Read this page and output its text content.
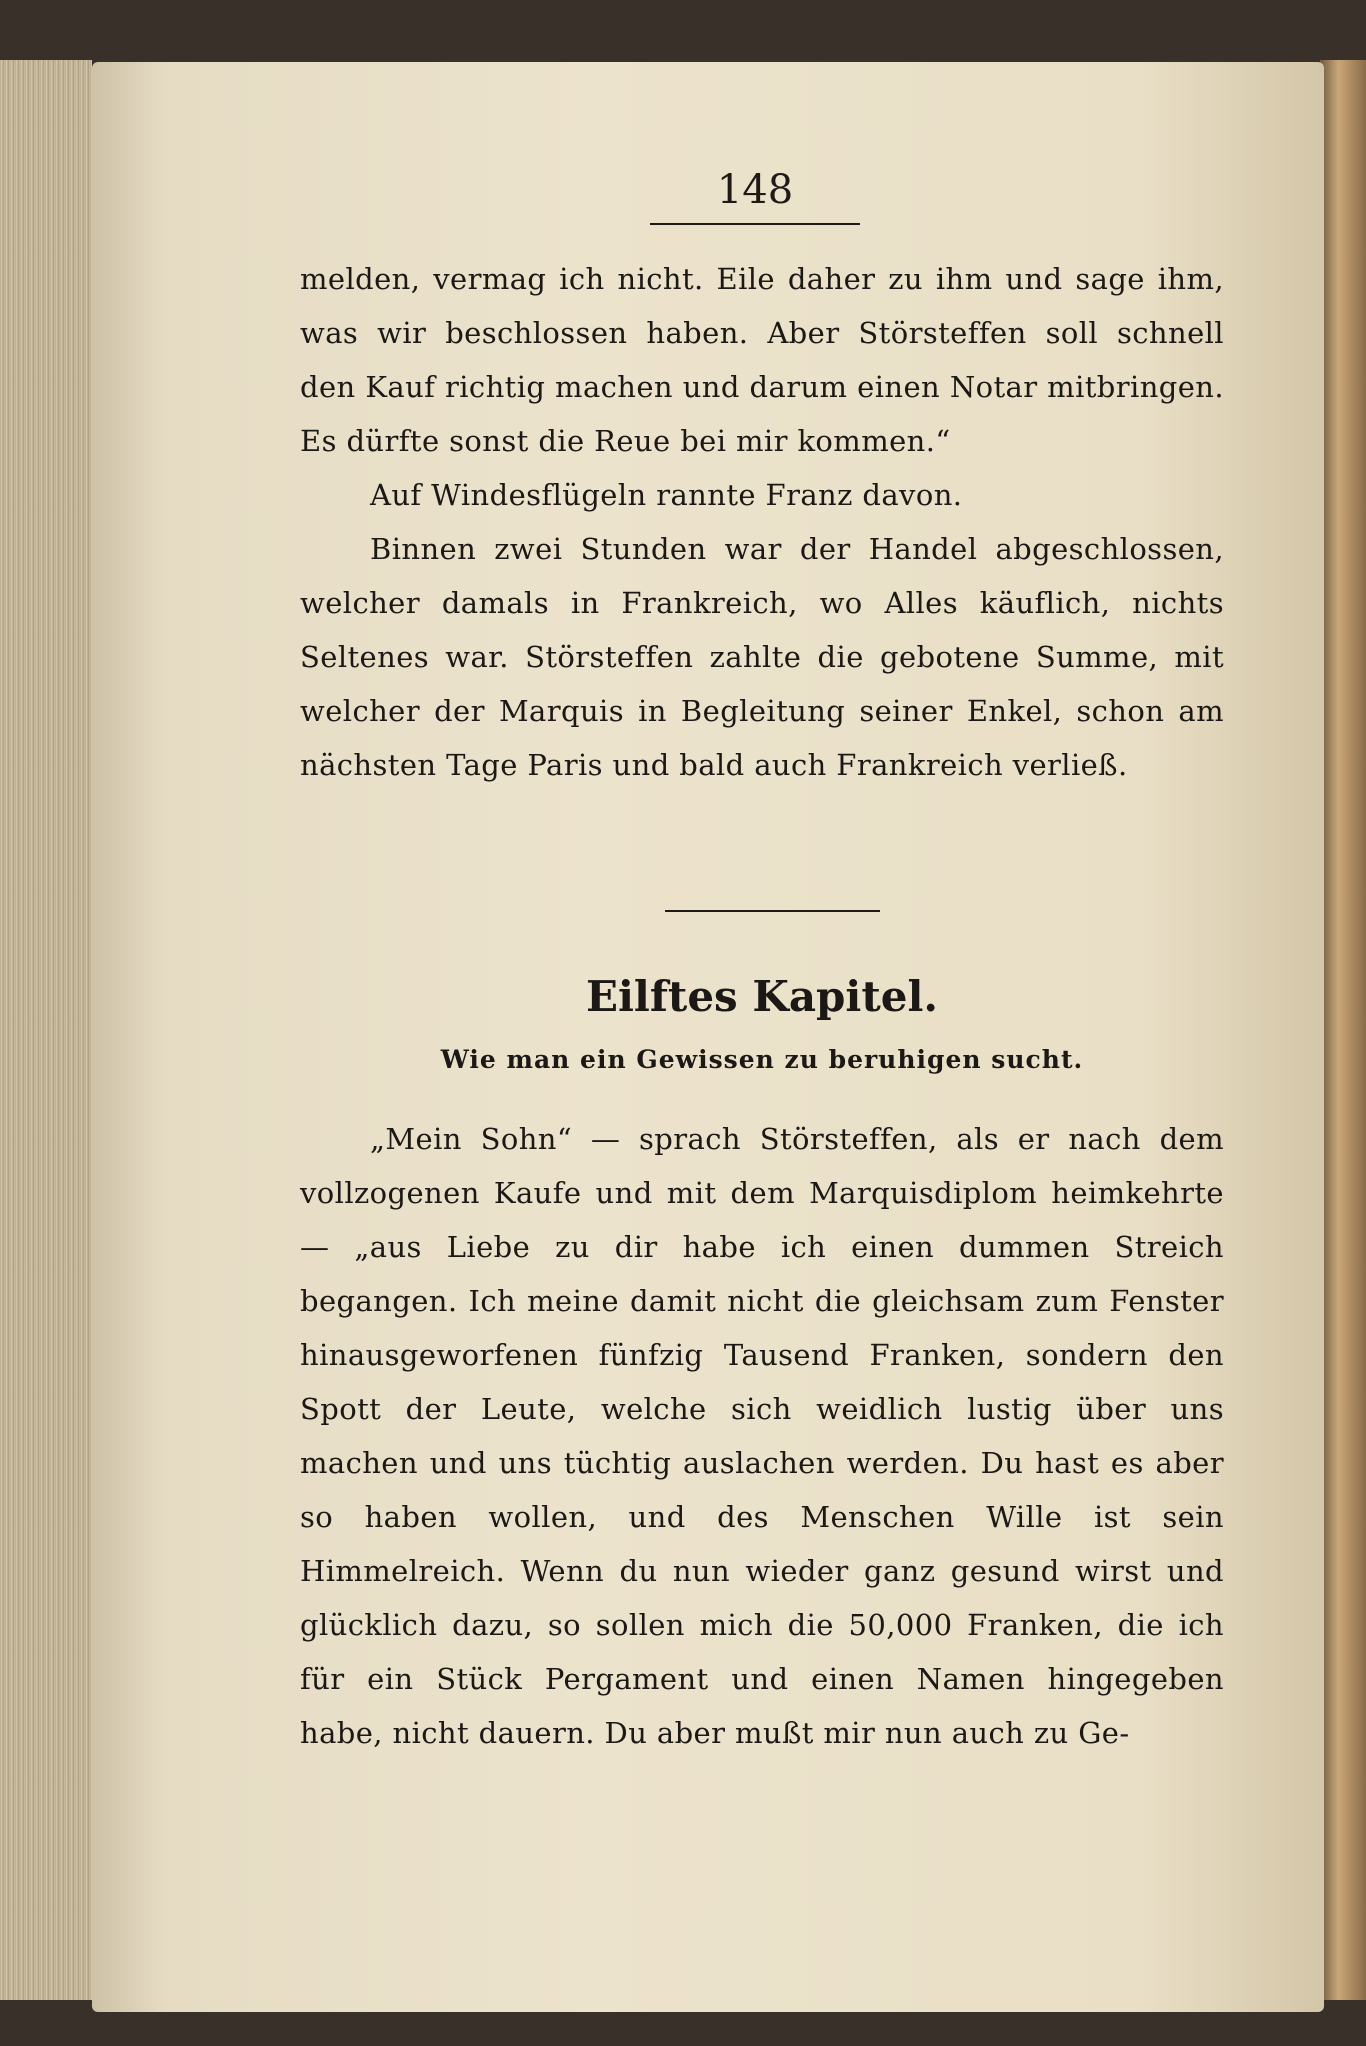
148

melden, vermag ich nicht. Eile daher zu ihm und sage ihm, was wir beschlossen haben. Aber Störsteffen soll schnell den Kauf richtig machen und darum einen Notar mitbringen. Es dürfte sonst die Reue bei mir kommen.“

Auf Windesflügeln rannte Franz davon.

Binnen zwei Stunden war der Handel abgeschlossen, welcher damals in Frankreich, wo Alles käuflich, nichts Seltenes war. Störsteffen zahlte die gebotene Summe, mit welcher der Marquis in Begleitung seiner Enkel, schon am nächsten Tage Paris und bald auch Frankreich verließ.

Eilftes Kapitel.
Wie man ein Gewissen zu beruhigen sucht.

„Mein Sohn“ — sprach Störsteffen, als er nach dem vollzogenen Kaufe und mit dem Marquisdiplom heimkehrte — „aus Liebe zu dir habe ich einen dummen Streich begangen. Ich meine damit nicht die gleichsam zum Fenster hinausgeworfenen fünfzig Tausend Franken, sondern den Spott der Leute, welche sich weidlich lustig über uns machen und uns tüchtig auslachen werden. Du hast es aber so haben wollen, und des Menschen Wille ist sein Himmelreich. Wenn du nun wieder ganz gesund wirst und glücklich dazu, so sollen mich die 50,000 Franken, die ich für ein Stück Pergament und einen Namen hingegeben habe, nicht dauern. Du aber mußt mir nun auch zu Ge-
